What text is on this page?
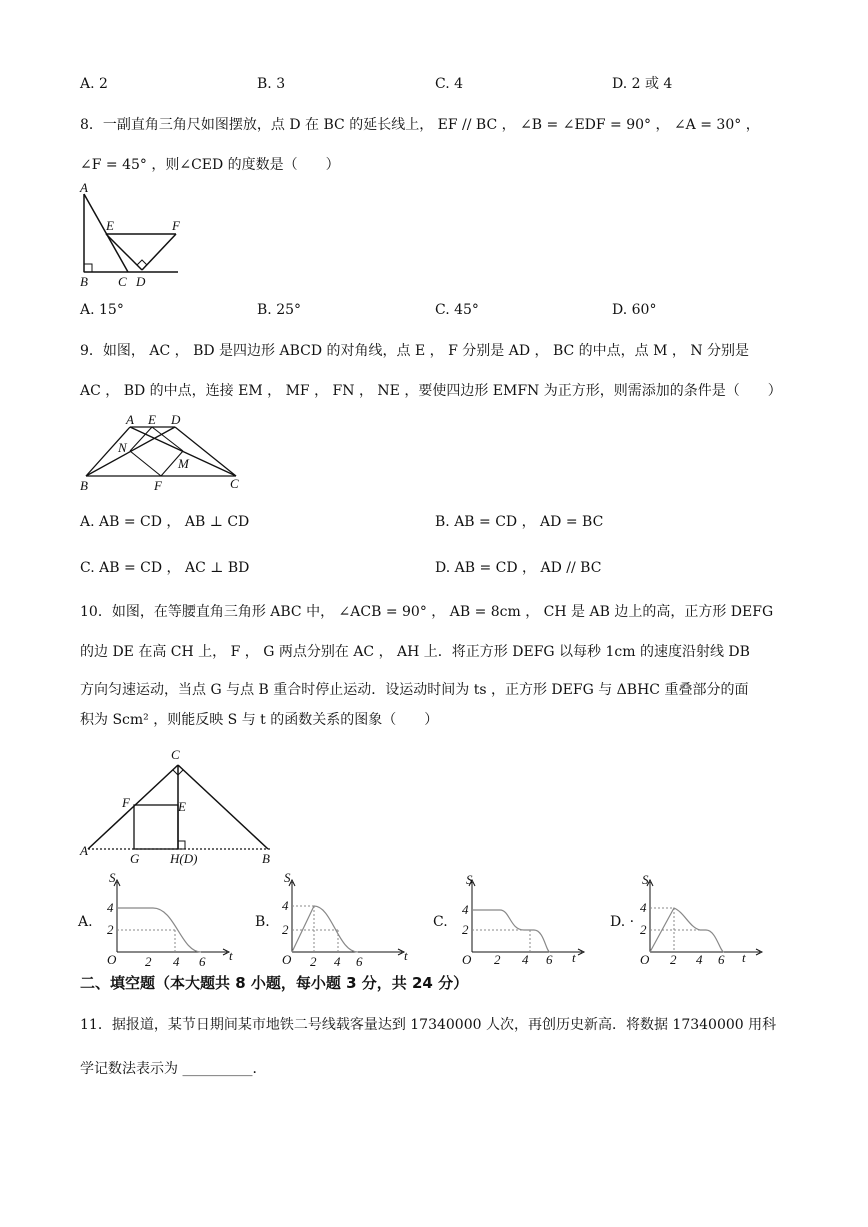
A. 2	B. 3	C. 4	D. 2 或 4
8．一副直角三角尺如图摆放，点 D 在 BC 的延长线上， EF // BC ， ∠B = ∠EDF = 90° ， ∠A = 30° ，
∠F = 45° ，则∠CED 的度数是（　　）
A
B C D
E	F
A. 15°	B. 25°	C. 45°	D. 60°
9．如图， AC ， BD 是四边形 ABCD 的对角线，点 E ， F 分别是 AD ， BC 的中点，点 M ， N 分别是
AC ， BD 的中点，连接 EM ， MF ， FN ， NE ，要使四边形 EMFN 为正方形，则需添加的条件是（　　）
A E D
N
M
B	F	C
A. AB = CD ， AB ⊥ CD	B. AB = CD ， AD = BC
C. AB = CD ， AC ⊥ BD	D. AB = CD ， AD // BC
10．如图，在等腰直角三角形 ABC 中， ∠ACB = 90° ， AB = 8cm ， CH 是 AB 边上的高，正方形 DEFG
的边 DE 在高 CH 上， F ， G 两点分别在 AC ， AH 上．将正方形 DEFG 以每秒 1cm 的速度沿射线 DB
方向匀速运动，当点 G 与点 B 重合时停止运动．设运动时间为 ts ，正方形 DEFG 与 ΔBHC 重叠部分的面
积为 Scm² ，则能反映 S 与 t 的函数关系的图象（　　）
C
F	E
A
G H(D)	B
A.	B.	C.	D. ·
S
t
O
4
2
2 4 6
S
t
O
4
2
2 4 6
S
t
O
4
2
2 4 6
S
t
O
4
2
2 4 6
二、填空题（本大题共 8 小题，每小题 3 分，共 24 分）
11．据报道，某节日期间某市地铁二号线载客量达到 17340000 人次，再创历史新高．将数据 17340000 用科
学记数法表示为 __________．
